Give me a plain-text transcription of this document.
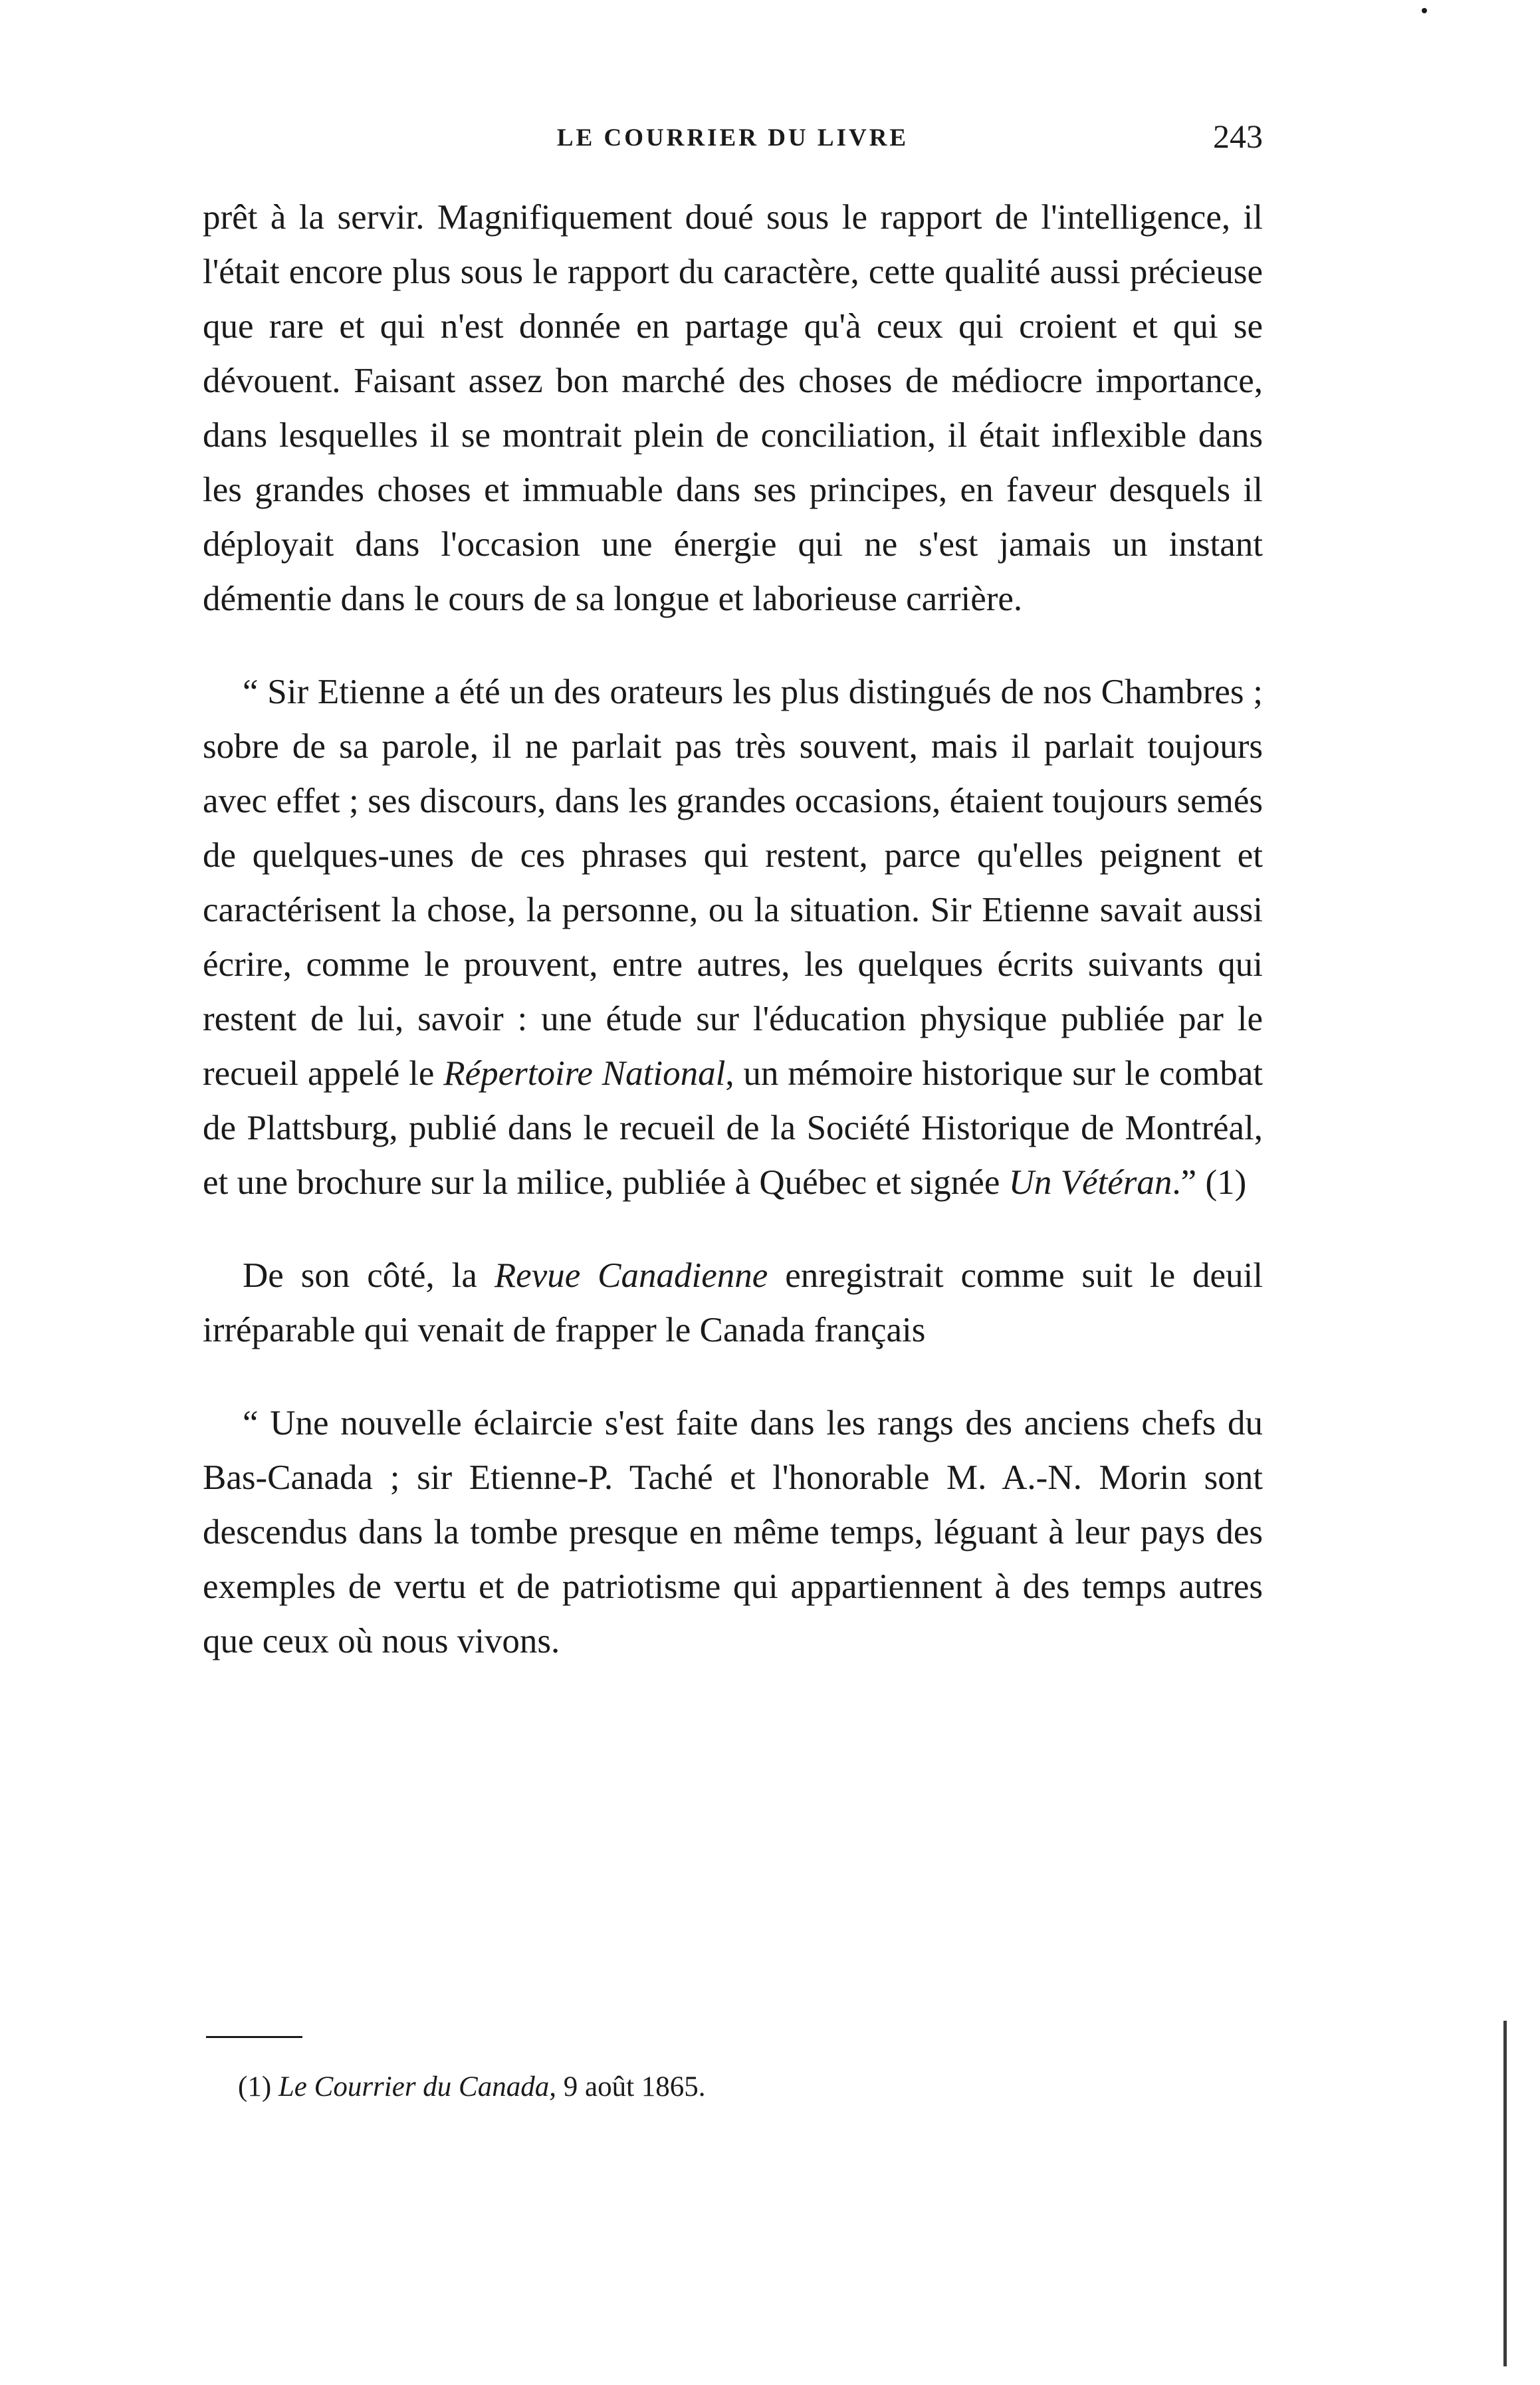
LE COURRIER DU LIVRE	243

prêt à la servir. Magnifiquement doué sous le rapport de l'intelligence, il l'était encore plus sous le rapport du caractère, cette qualité aussi précieuse que rare et qui n'est donnée en partage qu'à ceux qui croient et qui se dévouent. Faisant assez bon marché des choses de médiocre importance, dans lesquelles il se montrait plein de conciliation, il était inflexible dans les grandes choses et immuable dans ses principes, en faveur desquels il déployait dans l'occasion une énergie qui ne s'est jamais un instant démentie dans le cours de sa longue et laborieuse carrière.

“ Sir Etienne a été un des orateurs les plus distingués de nos Chambres ; sobre de sa parole, il ne parlait pas très souvent, mais il parlait toujours avec effet ; ses discours, dans les grandes occasions, étaient toujours semés de quelques-unes de ces phrases qui restent, parce qu'elles peignent et caractérisent la chose, la personne, ou la situation. Sir Etienne savait aussi écrire, comme le prouvent, entre autres, les quelques écrits suivants qui restent de lui, savoir : une étude sur l'éducation physique publiée par le recueil appelé le Répertoire National, un mémoire historique sur le combat de Plattsburg, publié dans le recueil de la Société Historique de Montréal, et une brochure sur la milice, publiée à Québec et signée Un Vétéran.” (1)

De son côté, la Revue Canadienne enregistrait comme suit le deuil irréparable qui venait de frapper le Canada français

“ Une nouvelle éclaircie s'est faite dans les rangs des anciens chefs du Bas-Canada ; sir Etienne-P. Taché et l'honorable M. A.-N. Morin sont descendus dans la tombe presque en même temps, léguant à leur pays des exemples de vertu et de patriotisme qui appartiennent à des temps autres que ceux où nous vivons.

(1) Le Courrier du Canada, 9 août 1865.
